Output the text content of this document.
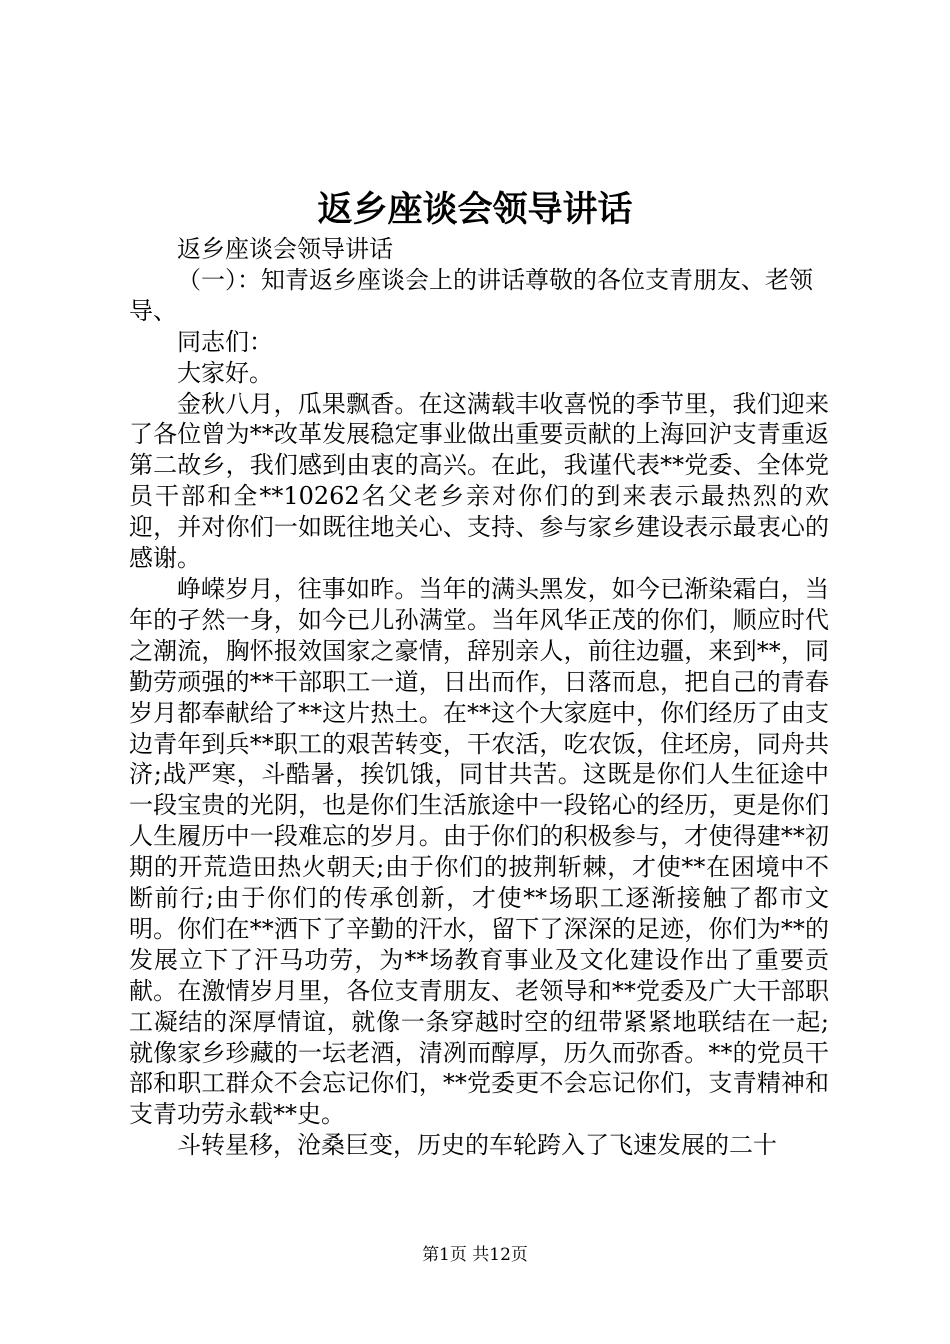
返乡座谈会领导讲话

返乡座谈会领导讲话

（一）：知青返乡座谈会上的讲话尊敬的各位支青朋友、老领导、

同志们：

大家好。

金秋八月，瓜果飘香。在这满载丰收喜悦的季节里，我们迎来了各位曾为**改革发展稳定事业做出重要贡献的上海回沪支青重返第二故乡，我们感到由衷的高兴。在此，我谨代表**党委、全体党员干部和全**10262名父老乡亲对你们的到来表示最热烈的欢迎，并对你们一如既往地关心、支持、参与家乡建设表示最衷心的感谢。

峥嵘岁月，往事如昨。当年的满头黑发，如今已渐染霜白，当年的孑然一身，如今已儿孙满堂。当年风华正茂的你们，顺应时代之潮流，胸怀报效国家之豪情，辞别亲人，前往边疆，来到**，同勤劳顽强的**干部职工一道，日出而作，日落而息，把自己的青春岁月都奉献给了**这片热土。在**这个大家庭中，你们经历了由支边青年到兵**职工的艰苦转变，干农活，吃农饭，住坯房，同舟共济;战严寒，斗酷暑，挨饥饿，同甘共苦。这既是你们人生征途中一段宝贵的光阴，也是你们生活旅途中一段铭心的经历，更是你们人生履历中一段难忘的岁月。由于你们的积极参与，才使得建**初期的开荒造田热火朝天;由于你们的披荆斩棘，才使**在困境中不断前行;由于你们的传承创新，才使**场职工逐渐接触了都市文明。你们在**洒下了辛勤的汗水，留下了深深的足迹，你们为**的发展立下了汗马功劳，为**场教育事业及文化建设作出了重要贡献。在激情岁月里，各位支青朋友、老领导和**党委及广大干部职工凝结的深厚情谊，就像一条穿越时空的纽带紧紧地联结在一起;就像家乡珍藏的一坛老酒，清冽而醇厚，历久而弥香。**的党员干部和职工群众不会忘记你们，**党委更不会忘记你们，支青精神和支青功劳永载**史。

斗转星移，沧桑巨变，历史的车轮跨入了飞速发展的二十

第1页 共12页
